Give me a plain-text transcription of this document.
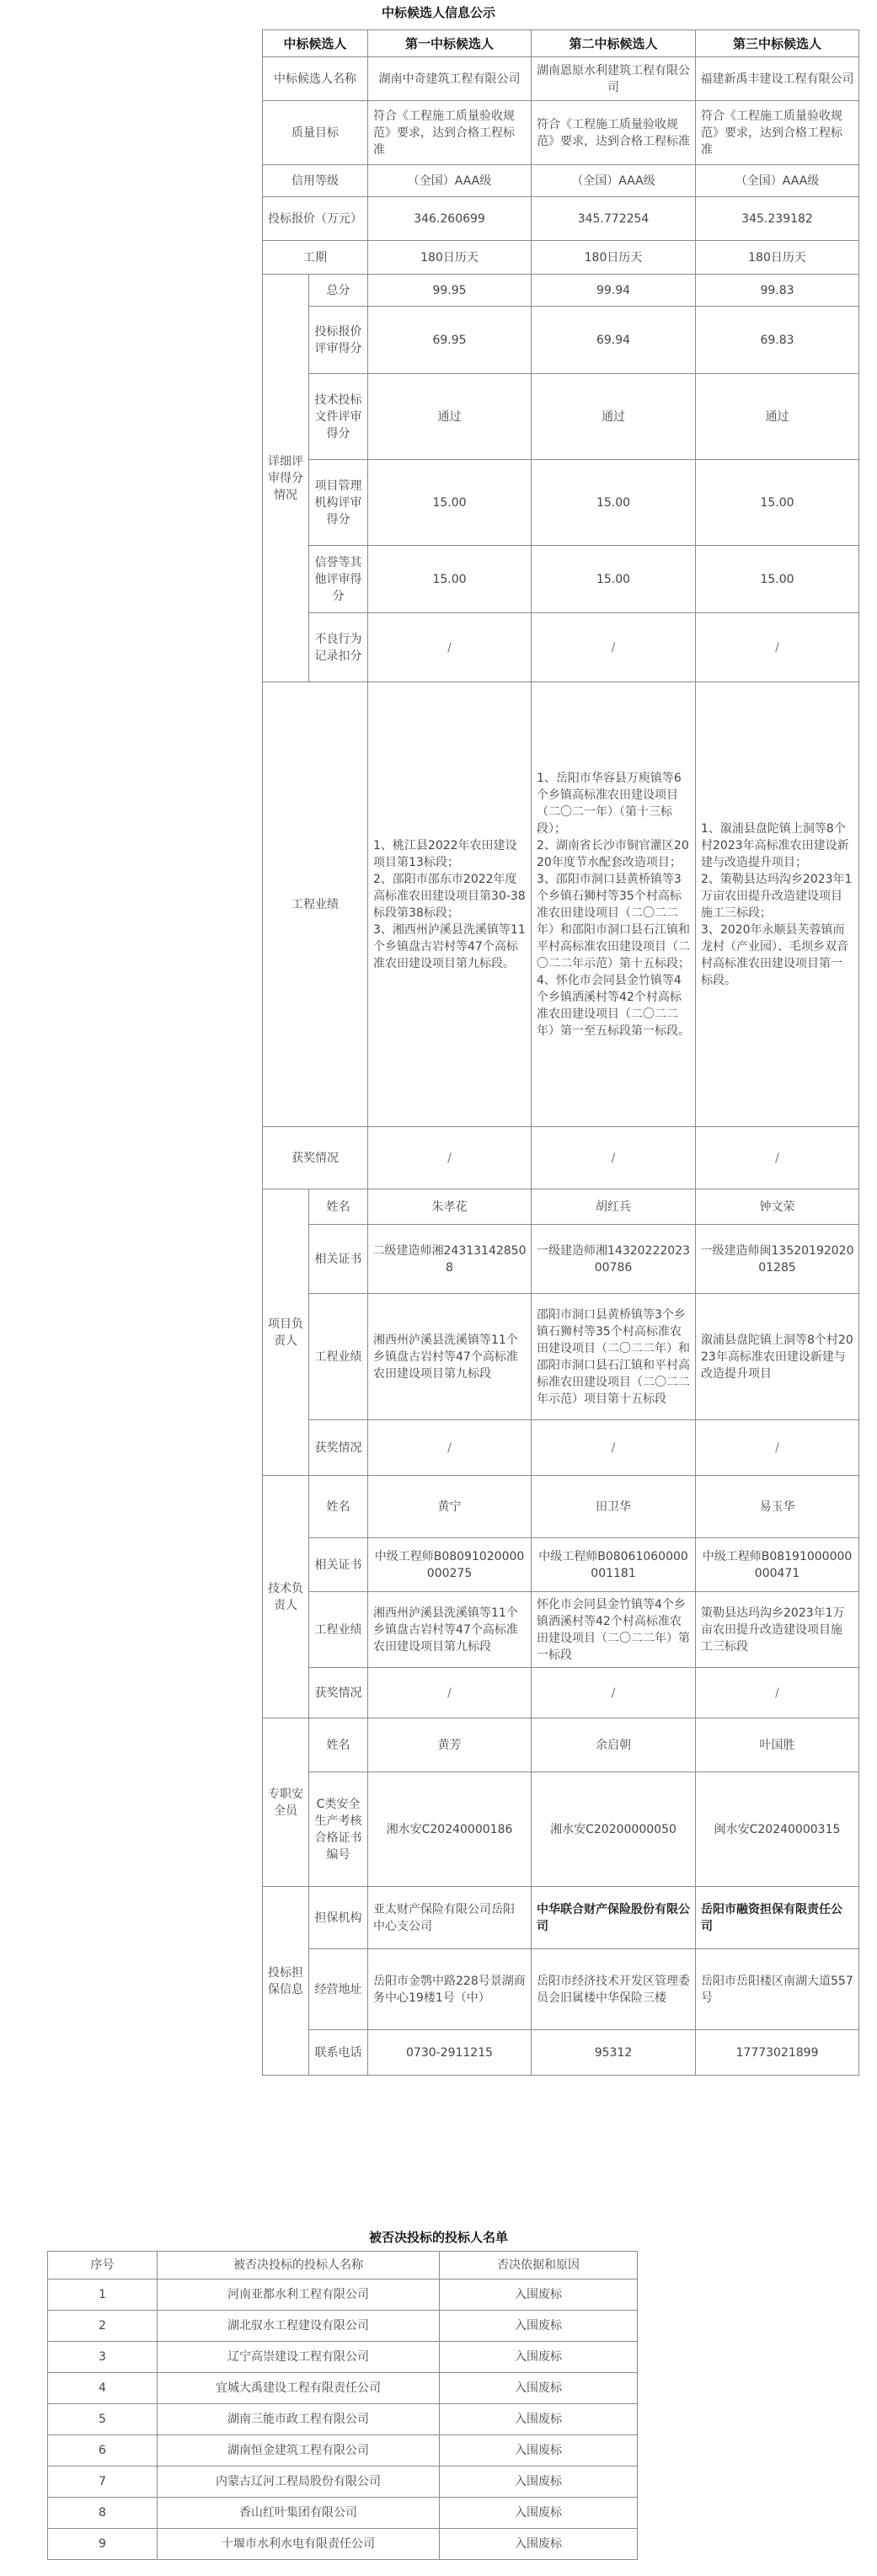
中标候选人信息公示
中标候选人		第一中标候选人	第二中标候选人	第三中标候选人
中标候选人名称		湖南中奇建筑工程有限公司	湖南恩原水利建筑工程有限公司	福建新禹丰建设工程有限公司
质量目标		符合《工程施工质量验收规范》要求，达到合格工程标准	符合《工程施工质量验收规范》要求，达到合格工程标准	符合《工程施工质量验收规范》要求，达到合格工程标准
信用等级		（全国）AAA级	（全国）AAA级	（全国）AAA级
投标报价（万元）		346.260699	345.772254	345.239182
工期		180日历天	180日历天	180日历天
详细评审得分情况	总分	99.95	99.94	99.83
	投标报价评审得分	69.95	69.94	69.83
	技术投标文件评审得分	通过	通过	通过
	项目管理机构评审得分	15.00	15.00	15.00
	信誉等其他评审得分	15.00	15.00	15.00
	不良行为记录扣分	/	/	/
工程业绩		1、桃江县2022年农田建设项目第13标段；
2、邵阳市邵东市2022年度高标准农田建设项目第30-38标段第38标段；
3、湘西州泸溪县洗溪镇等11个乡镇盘古岩村等47个高标准农田建设项目第九标段。	1、岳阳市华容县万庾镇等6个乡镇高标准农田建设项目（二〇二一年）（第十三标段）；
2、湖南省长沙市铜官灌区2020年度节水配套改造项目；
3、邵阳市洞口县黄桥镇等3个乡镇石狮村等35个村高标准农田建设项目（二〇二二年）和邵阳市洞口县石江镇和平村高标准农田建设项目（二〇二二年示范）第十五标段；
4、怀化市会同县金竹镇等4个乡镇洒溪村等42个村高标准农田建设项目（二〇二二年）第一至五标段第一标段。	1、溆浦县盘陀镇上洞等8个村2023年高标准农田建设新建与改造提升项目；
2、策勒县达玛沟乡2023年1万亩农田提升改造建设项目施工三标段；
3、2020年永顺县芙蓉镇而龙村（产业园）、毛坝乡双音村高标准农田建设项目第一标段。
获奖情况		/	/	/
项目负责人	姓名	朱孝花	胡红兵	钟文荣
	相关证书	二级建造师湘243131428508	一级建造师湘1432022202300786	一级建造师闽1352019202001285
	工程业绩	湘西州泸溪县洗溪镇等11个乡镇盘古岩村等47个高标准农田建设项目第九标段	邵阳市洞口县黄桥镇等3个乡镇石狮村等35个村高标准农田建设项目（二〇二二年）和邵阳市洞口县石江镇和平村高标准农田建设项目（二〇二二年示范）项目第十五标段	溆浦县盘陀镇上洞等8个村2023年高标准农田建设新建与改造提升项目
	获奖情况	/	/	/
技术负责人	姓名	黄宁	田卫华	易玉华
	相关证书	中级工程师B08091020000000275	中级工程师B08061060000001181	中级工程师B08191000000000471
	工程业绩	湘西州泸溪县洗溪镇等11个乡镇盘古岩村等47个高标准农田建设项目第九标段	怀化市会同县金竹镇等4个乡镇洒溪村等42个村高标准农田建设项目（二〇二二年）第一标段	策勒县达玛沟乡2023年1万亩农田提升改造建设项目施工三标段
	获奖情况	/	/	/
专职安全员	姓名	黄芳	余启朝	叶国胜
	C类安全生产考核合格证书编号	湘水安C20240000186	湘水安C20200000050	闽水安C20240000315
投标担保信息	担保机构	亚太财产保险有限公司岳阳中心支公司	中华联合财产保险股份有限公司	岳阳市融资担保有限责任公司
	经营地址	岳阳市金鹗中路228号景湖商务中心19楼1号（中）	岳阳市经济技术开发区管理委员会旧属楼中华保险三楼	岳阳市岳阳楼区南湖大道557号
	联系电话	0730-2911215	95312	17773021899
被否决投标的投标人名单
序号	被否决投标的投标人名称	否决依据和原因
1	河南亚都水利工程有限公司	入围废标
2	湖北驭水工程建设有限公司	入围废标
3	辽宁高崇建设工程有限公司	入围废标
4	宜城大禹建设工程有限责任公司	入围废标
5	湖南三能市政工程有限公司	入围废标
6	湖南恒金建筑工程有限公司	入围废标
7	内蒙古辽河工程局股份有限公司	入围废标
8	香山红叶集团有限公司	入围废标
9	十堰市水利水电有限责任公司	入围废标
